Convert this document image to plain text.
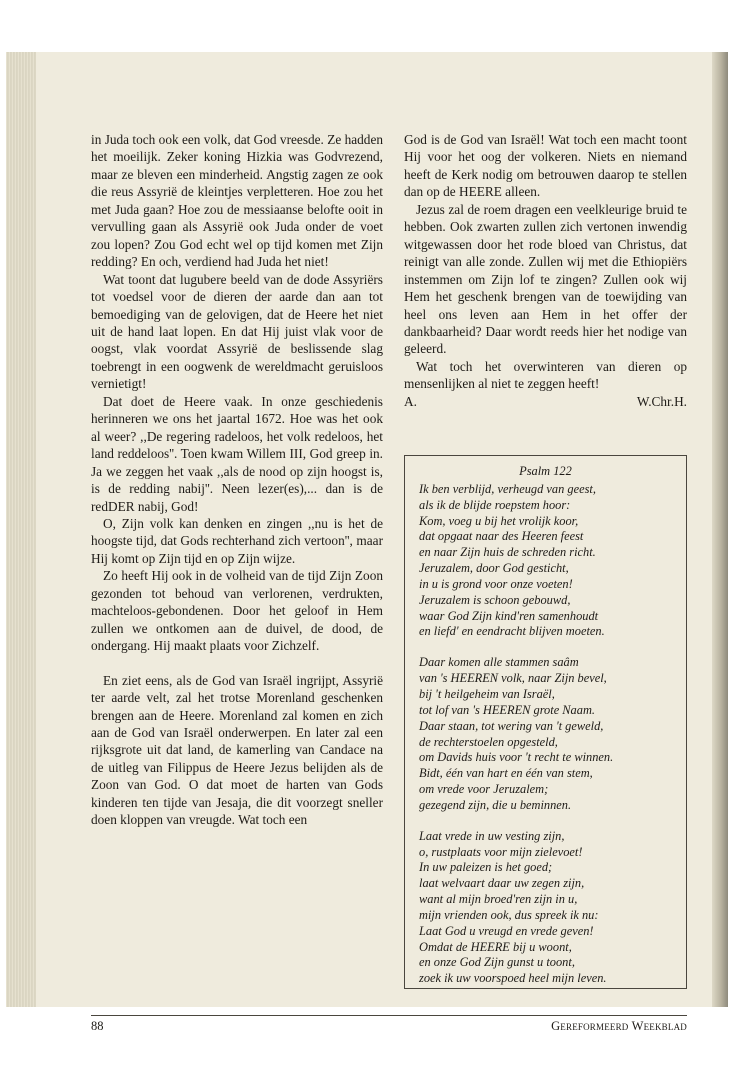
in Juda toch ook een volk, dat God vreesde. Ze hadden het moeilijk. Zeker koning Hizkia was Godvrezend, maar ze bleven een minderheid. Angstig zagen ze ook die reus Assyrië de kleintjes verpletteren. Hoe zou het met Juda gaan? Hoe zou de messiaanse belofte ooit in vervulling gaan als Assyrië ook Juda onder de voet zou lopen? Zou God echt wel op tijd komen met Zijn redding? En och, verdiend had Juda het niet!

Wat toont dat lugubere beeld van de dode Assyriërs tot voedsel voor de dieren der aarde dan aan tot bemoediging van de gelovigen, dat de Heere het niet uit de hand laat lopen. En dat Hij juist vlak voor de oogst, vlak voordat Assyrië de beslissende slag toebrengt in een oogwenk de wereldmacht geruisloos vernietigt!

Dat doet de Heere vaak. In onze geschiedenis herinneren we ons het jaartal 1672. Hoe was het ook al weer? ,,De regering radeloos, het volk redeloos, het land reddeloos''. Toen kwam Willem III, God greep in. Ja we zeggen het vaak ,,als de nood op zijn hoogst is, is de redding nabij''. Neen lezer(es),... dan is de redDER nabij, God!

O, Zijn volk kan denken en zingen ,,nu is het de hoogste tijd, dat Gods rechterhand zich vertoon'', maar Hij komt op Zijn tijd en op Zijn wijze.

Zo heeft Hij ook in de volheid van de tijd Zijn Zoon gezonden tot behoud van verlorenen, verdrukten, machteloos-gebondenen. Door het geloof in Hem zullen we ontkomen aan de duivel, de dood, de ondergang. Hij maakt plaats voor Zichzelf.

En ziet eens, als de God van Israël ingrijpt, Assyrië ter aarde velt, zal het trotse Morenland geschenken brengen aan de Heere. Morenland zal komen en zich aan de God van Israël onderwerpen. En later zal een rijksgrote uit dat land, de kamerling van Candace na de uitleg van Filippus de Heere Jezus belijden als de Zoon van God. O dat moet de harten van Gods kinderen ten tijde van Jesaja, die dit voorzegt sneller doen kloppen van vreugde. Wat toch een

God is de God van Israël! Wat toch een macht toont Hij voor het oog der volkeren. Niets en niemand heeft de Kerk nodig om betrouwen daarop te stellen dan op de HEERE alleen.

Jezus zal de roem dragen een veelkleurige bruid te hebben. Ook zwarten zullen zich vertonen inwendig witgewassen door het rode bloed van Christus, dat reinigt van alle zonde. Zullen wij met die Ethiopiërs instemmen om Zijn lof te zingen? Zullen ook wij Hem het geschenk brengen van de toewijding van heel ons leven aan Hem in het offer der dankbaarheid? Daar wordt reeds hier het nodige van geleerd.

Wat toch het overwinteren van dieren op mensenlijken al niet te zeggen heeft!

A.	W.Chr.H.
Psalm 122
Ik ben verblijd, verheugd van geest,
als ik de blijde roepstem hoor:
Kom, voeg u bij het vrolijk koor,
dat opgaat naar des Heeren feest
en naar Zijn huis de schreden richt.
Jeruzalem, door God gesticht,
in u is grond voor onze voeten!
Jeruzalem is schoon gebouwd,
waar God Zijn kind'ren samenhoudt
en liefd' en eendracht blijven moeten.
Daar komen alle stammen saâm
van 's HEEREN volk, naar Zijn bevel,
bij 't heilgeheim van Israël,
tot lof van 's HEEREN grote Naam.
Daar staan, tot wering van 't geweld,
de rechterstoelen opgesteld,
om Davids huis voor 't recht te winnen.
Bidt, één van hart en één van stem,
om vrede voor Jeruzalem;
gezegend zijn, die u beminnen.
Laat vrede in uw vesting zijn,
o, rustplaats voor mijn zielevoet!
In uw paleizen is het goed;
laat welvaart daar uw zegen zijn,
want al mijn broed'ren zijn in u,
mijn vrienden ook, dus spreek ik nu:
Laat God u vreugd en vrede geven!
Omdat de HEERE bij u woont,
en onze God Zijn gunst u toont,
zoek ik uw voorspoed heel mijn leven.
88	Gereformeerd Weekblad
